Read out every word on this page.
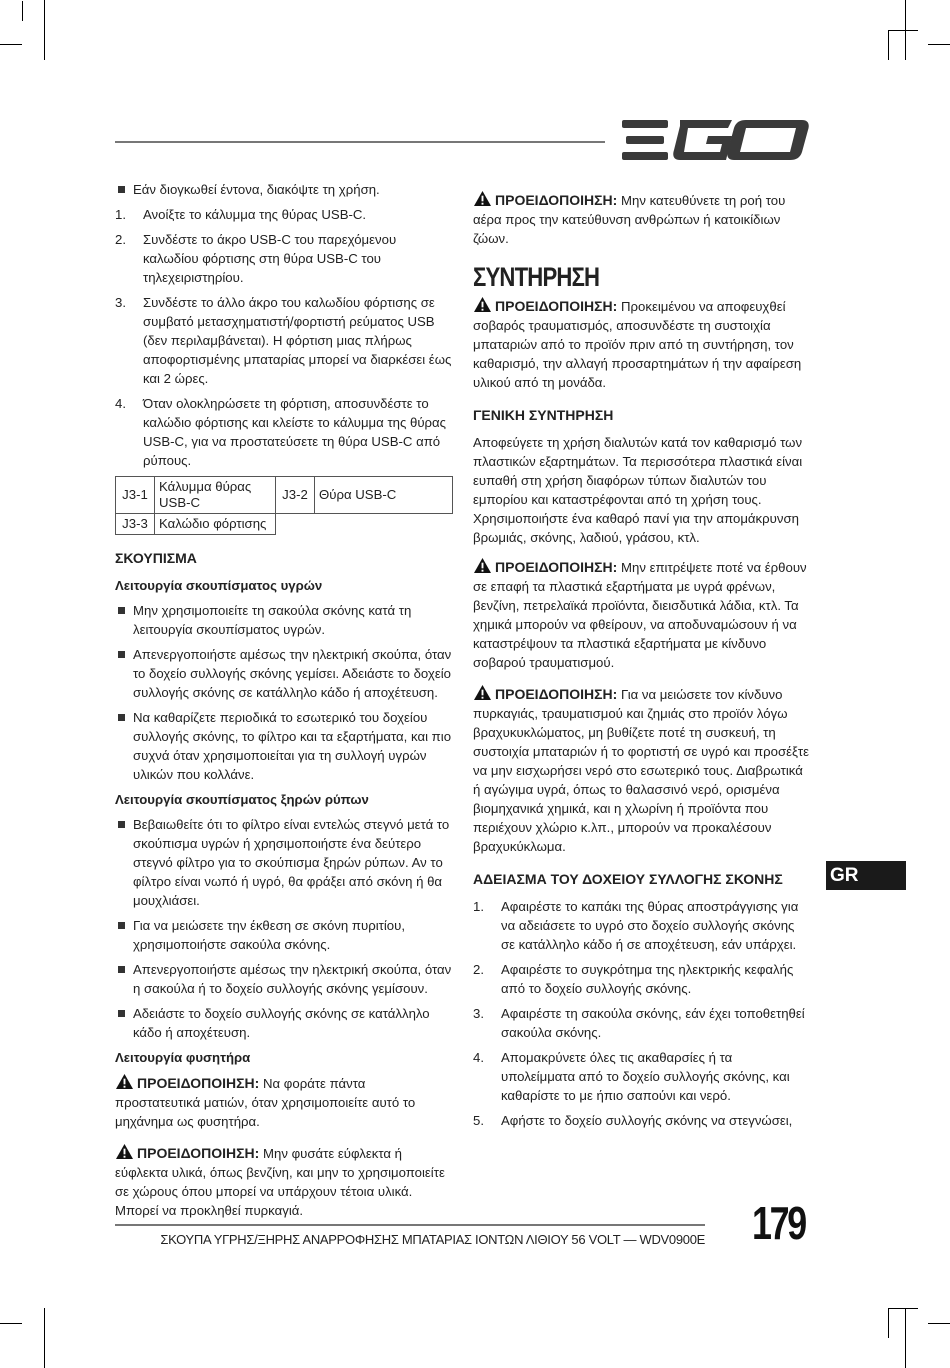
Εάν διογκωθεί έντονα, διακόψτε τη χρήση.
1. Ανοίξτε το κάλυμμα της θύρας USB-C.
2. Συνδέστε το άκρο USB-C του παρεχόμενου καλωδίου φόρτισης στη θύρα USB-C του τηλεχειριστηρίου.
3. Συνδέστε το άλλο άκρο του καλωδίου φόρτισης σε συμβατό μετασχηματιστή/φορτιστή ρεύματος USB (δεν περιλαμβάνεται). Η φόρτιση μιας πλήρως αποφορτισμένης μπαταρίας μπορεί να διαρκέσει έως και 2 ώρες.
4. Όταν ολοκληρώσετε τη φόρτιση, αποσυνδέστε το καλώδιο φόρτισης και κλείστε το κάλυμμα της θύρας USB-C, για να προστατεύσετε τη θύρα USB-C από ρύπους.
J3-1	Κάλυμμα θύρας USB-C	J3-2	Θύρα USB-C
J3-3	Καλώδιο φόρτισης		
ΣΚΟΥΠΙΣΜΑ
Λειτουργία σκουπίσματος υγρών
Μην χρησιμοποιείτε τη σακούλα σκόνης κατά τη λειτουργία σκουπίσματος υγρών.
Απενεργοποιήστε αμέσως την ηλεκτρική σκούπα, όταν το δοχείο συλλογής σκόνης γεμίσει. Αδειάστε το δοχείο συλλογής σκόνης σε κατάλληλο κάδο ή αποχέτευση.
Να καθαρίζετε περιοδικά το εσωτερικό του δοχείου συλλογής σκόνης, το φίλτρο και τα εξαρτήματα, και πιο συχνά όταν χρησιμοποιείται για τη συλλογή υγρών υλικών που κολλάνε.
Λειτουργία σκουπίσματος ξηρών ρύπων
Βεβαιωθείτε ότι το φίλτρο είναι εντελώς στεγνό μετά το σκούπισμα υγρών ή χρησιμοποιήστε ένα δεύτερο στεγνό φίλτρο για το σκούπισμα ξηρών ρύπων. Αν το φίλτρο είναι νωπό ή υγρό, θα φράξει από σκόνη ή θα μουχλιάσει.
Για να μειώσετε την έκθεση σε σκόνη πυριτίου, χρησιμοποιήστε σακούλα σκόνης.
Απενεργοποιήστε αμέσως την ηλεκτρική σκούπα, όταν η σακούλα ή το δοχείο συλλογής σκόνης γεμίσουν.
Αδειάστε το δοχείο συλλογής σκόνης σε κατάλληλο κάδο ή αποχέτευση.
Λειτουργία φυσητήρα
ΠΡΟΕΙΔΟΠΟΙΗΣΗ: Να φοράτε πάντα προστατευτικά ματιών, όταν χρησιμοποιείτε αυτό το μηχάνημα ως φυσητήρα.
ΠΡΟΕΙΔΟΠΟΙΗΣΗ: Μην φυσάτε εύφλεκτα ή εύφλεκτα υλικά, όπως βενζίνη, και μην το χρησιμοποιείτε σε χώρους όπου μπορεί να υπάρχουν τέτοια υλικά. Μπορεί να προκληθεί πυρκαγιά.
ΠΡΟΕΙΔΟΠΟΙΗΣΗ: Μην κατευθύνετε τη ροή του αέρα προς την κατεύθυνση ανθρώπων ή κατοικίδιων ζώων.
ΣΥΝΤΗΡΗΣΗ
ΠΡΟΕΙΔΟΠΟΙΗΣΗ: Προκειμένου να αποφευχθεί σοβαρός τραυματισμός, αποσυνδέστε τη συστοιχία μπαταριών από το προϊόν πριν από τη συντήρηση, τον καθαρισμό, την αλλαγή προσαρτημάτων ή την αφαίρεση υλικού από τη μονάδα.
ΓΕΝΙΚΗ ΣΥΝΤΗΡΗΣΗ

Αποφεύγετε τη χρήση διαλυτών κατά τον καθαρισμό των πλαστικών εξαρτημάτων. Τα περισσότερα πλαστικά είναι ευπαθή στη χρήση διαφόρων τύπων διαλυτών του εμπορίου και καταστρέφονται από τη χρήση τους. Χρησιμοποιήστε ένα καθαρό πανί για την απομάκρυνση βρωμιάς, σκόνης, λαδιού, γράσου, κτλ.

ΠΡΟΕΙΔΟΠΟΙΗΣΗ: Μην επιτρέψετε ποτέ να έρθουν σε επαφή τα πλαστικά εξαρτήματα με υγρά φρένων, βενζίνη, πετρελαϊκά προϊόντα, διεισδυτικά λάδια, κτλ. Τα χημικά μπορούν να φθείρουν, να αποδυναμώσουν ή να καταστρέψουν τα πλαστικά εξαρτήματα με κίνδυνο σοβαρού τραυματισμού.
ΠΡΟΕΙΔΟΠΟΙΗΣΗ: Για να μειώσετε τον κίνδυνο πυρκαγιάς, τραυματισμού και ζημιάς στο προϊόν λόγω βραχυκυκλώματος, μη βυθίζετε ποτέ τη συσκευή, τη συστοιχία μπαταριών ή το φορτιστή σε υγρό και προσέξτε να μην εισχωρήσει νερό στο εσωτερικό τους. Διαβρωτικά ή αγώγιμα υγρά, όπως το θαλασσινό νερό, ορισμένα βιομηχανικά χημικά, και η χλωρίνη ή προϊόντα που περιέχουν χλώριο κ.λπ., μπορούν να προκαλέσουν βραχυκύκλωμα.
ΑΔΕΙΑΣΜΑ ΤΟΥ ΔΟΧΕΙΟΥ ΣΥΛΛΟΓΗΣ ΣΚΟΝΗΣ
1. Αφαιρέστε το καπάκι της θύρας αποστράγγισης για να αδειάσετε το υγρό στο δοχείο συλλογής σκόνης σε κατάλληλο κάδο ή σε αποχέτευση, εάν υπάρχει.
2. Αφαιρέστε το συγκρότημα της ηλεκτρικής κεφαλής από το δοχείο συλλογής σκόνης.
3. Αφαιρέστε τη σακούλα σκόνης, εάν έχει τοποθετηθεί σακούλα σκόνης.
4. Απομακρύνετε όλες τις ακαθαρσίες ή τα υπολείμματα από το δοχείο συλλογής σκόνης, και καθαρίστε το με ήπιο σαπούνι και νερό.
5. Αφήστε το δοχείο συλλογής σκόνης να στεγνώσει,
GR
ΣΚΟΥΠΑ ΥΓΡΗΣ/ΞΗΡΗΣ ΑΝΑΡΡΟΦΗΣΗΣ ΜΠΑΤΑΡΙΑΣ ΙΟΝΤΩΝ ΛΙΘΙΟΥ 56 VOLT — WDV0900E 179
